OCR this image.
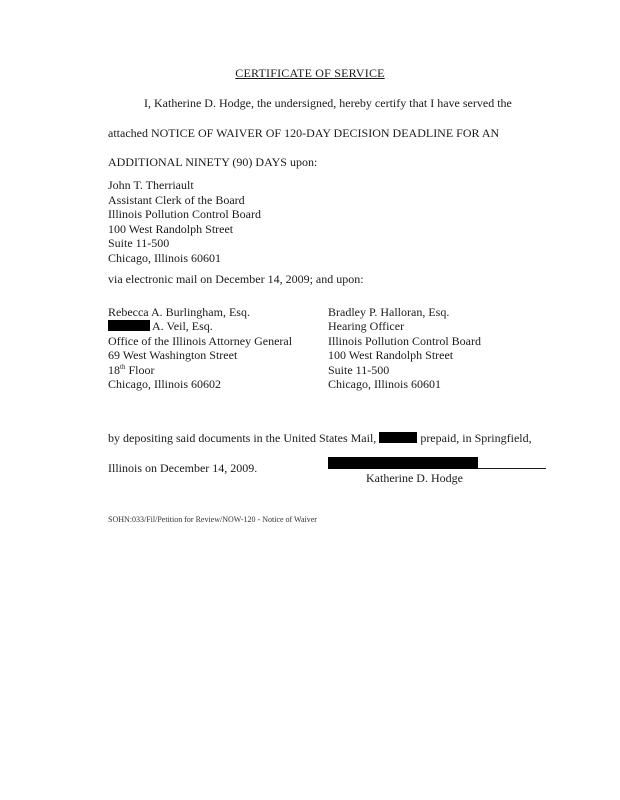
CERTIFICATE OF SERVICE
I, Katherine D. Hodge, the undersigned, hereby certify that I have served the
attached NOTICE OF WAIVER OF 120-DAY DECISION DEADLINE FOR AN
ADDITIONAL NINETY (90) DAYS upon:
John T. Therriault
Assistant Clerk of the Board
Illinois Pollution Control Board
100 West Randolph Street
Suite 11-500
Chicago, Illinois 60601
via electronic mail on December 14, 2009; and upon:
Rebecca A. Burlingham, Esq.
A. Veil, Esq.
Office of the Illinois Attorney General
69 West Washington Street
18th Floor
Chicago, Illinois 60602
Bradley P. Halloran, Esq.
Hearing Officer
Illinois Pollution Control Board
100 West Randolph Street
Suite 11-500
Chicago, Illinois 60601
by depositing said documents in the United States Mail,	prepaid, in Springfield,
Illinois on December 14, 2009.
Katherine D. Hodge
SOHN:033/Fil/Petition for Review/NOW-120 - Notice of Waiver
